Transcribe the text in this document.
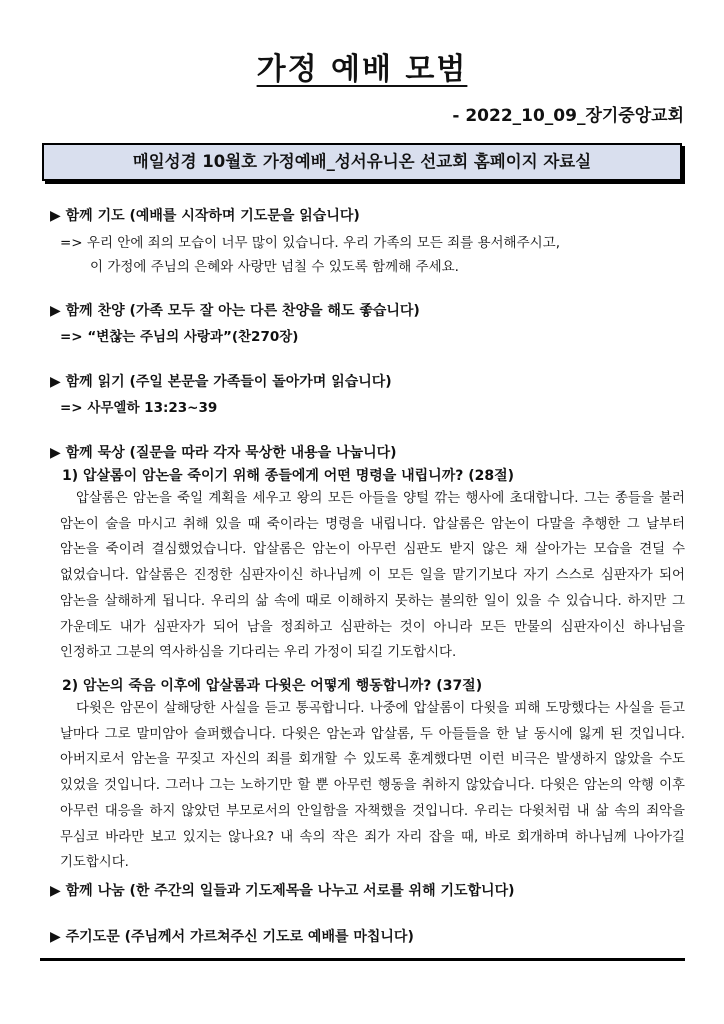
가정 예배 모범
- 2022_10_09_장기중앙교회
매일성경 10월호 가정예배_성서유니온 선교회 홈페이지 자료실
▶ 함께 기도 (예배를 시작하며 기도문을 읽습니다)
=> 우리 안에 죄의 모습이 너무 많이 있습니다. 우리 가족의 모든 죄를 용서해주시고,
이 가정에 주님의 은혜와 사랑만 넘칠 수 있도록 함께해 주세요.
▶ 함께 찬양 (가족 모두 잘 아는 다른 찬양을 해도 좋습니다)
=> “변찮는 주님의 사랑과”(찬270장)
▶ 함께 읽기 (주일 본문을 가족들이 돌아가며 읽습니다)
=> 사무엘하 13:23~39
▶ 함께 묵상 (질문을 따라 각자 묵상한 내용을 나눕니다)
1) 압살롬이 암논을 죽이기 위해 종들에게 어떤 명령을 내립니까? (28절)
압살롬은 암논을 죽일 계획을 세우고 왕의 모든 아들을 양털 깎는 행사에 초대합니다. 그는 종들을 불러 암논이 술을 마시고 취해 있을 때 죽이라는 명령을 내립니다. 압살롬은 암논이 다말을 추행한 그 날부터 암논을 죽이려 결심했었습니다. 압살롬은 암논이 아무런 심판도 받지 않은 채 살아가는 모습을 견딜 수 없었습니다. 압살롬은 진정한 심판자이신 하나님께 이 모든 일을 맡기기보다 자기 스스로 심판자가 되어 암논을 살해하게 됩니다. 우리의 삶 속에 때로 이해하지 못하는 불의한 일이 있을 수 있습니다. 하지만 그 가운데도 내가 심판자가 되어 남을 정죄하고 심판하는 것이 아니라 모든 만물의 심판자이신 하나님을 인정하고 그분의 역사하심을 기다리는 우리 가정이 되길 기도합시다.
2) 암논의 죽음 이후에 압살롬과 다윗은 어떻게 행동합니까? (37절)
다윗은 암몬이 살해당한 사실을 듣고 통곡합니다. 나중에 압살롬이 다윗을 피해 도망했다는 사실을 듣고 날마다 그로 말미암아 슬퍼했습니다. 다윗은 암논과 압살롬, 두 아들들을 한 날 동시에 잃게 된 것입니다. 아버지로서 암논을 꾸짖고 자신의 죄를 회개할 수 있도록 훈계했다면 이런 비극은 발생하지 않았을 수도 있었을 것입니다. 그러나 그는 노하기만 할 뿐 아무런 행동을 취하지 않았습니다. 다윗은 암논의 악행 이후 아무런 대응을 하지 않았던 부모로서의 안일함을 자책했을 것입니다. 우리는 다윗처럼 내 삶 속의 죄악을 무심코 바라만 보고 있지는 않나요? 내 속의 작은 죄가 자리 잡을 때, 바로 회개하며 하나님께 나아가길 기도합시다.
▶ 함께 나눔 (한 주간의 일들과 기도제목을 나누고 서로를 위해 기도합니다)
▶ 주기도문 (주님께서 가르쳐주신 기도로 예배를 마칩니다)
